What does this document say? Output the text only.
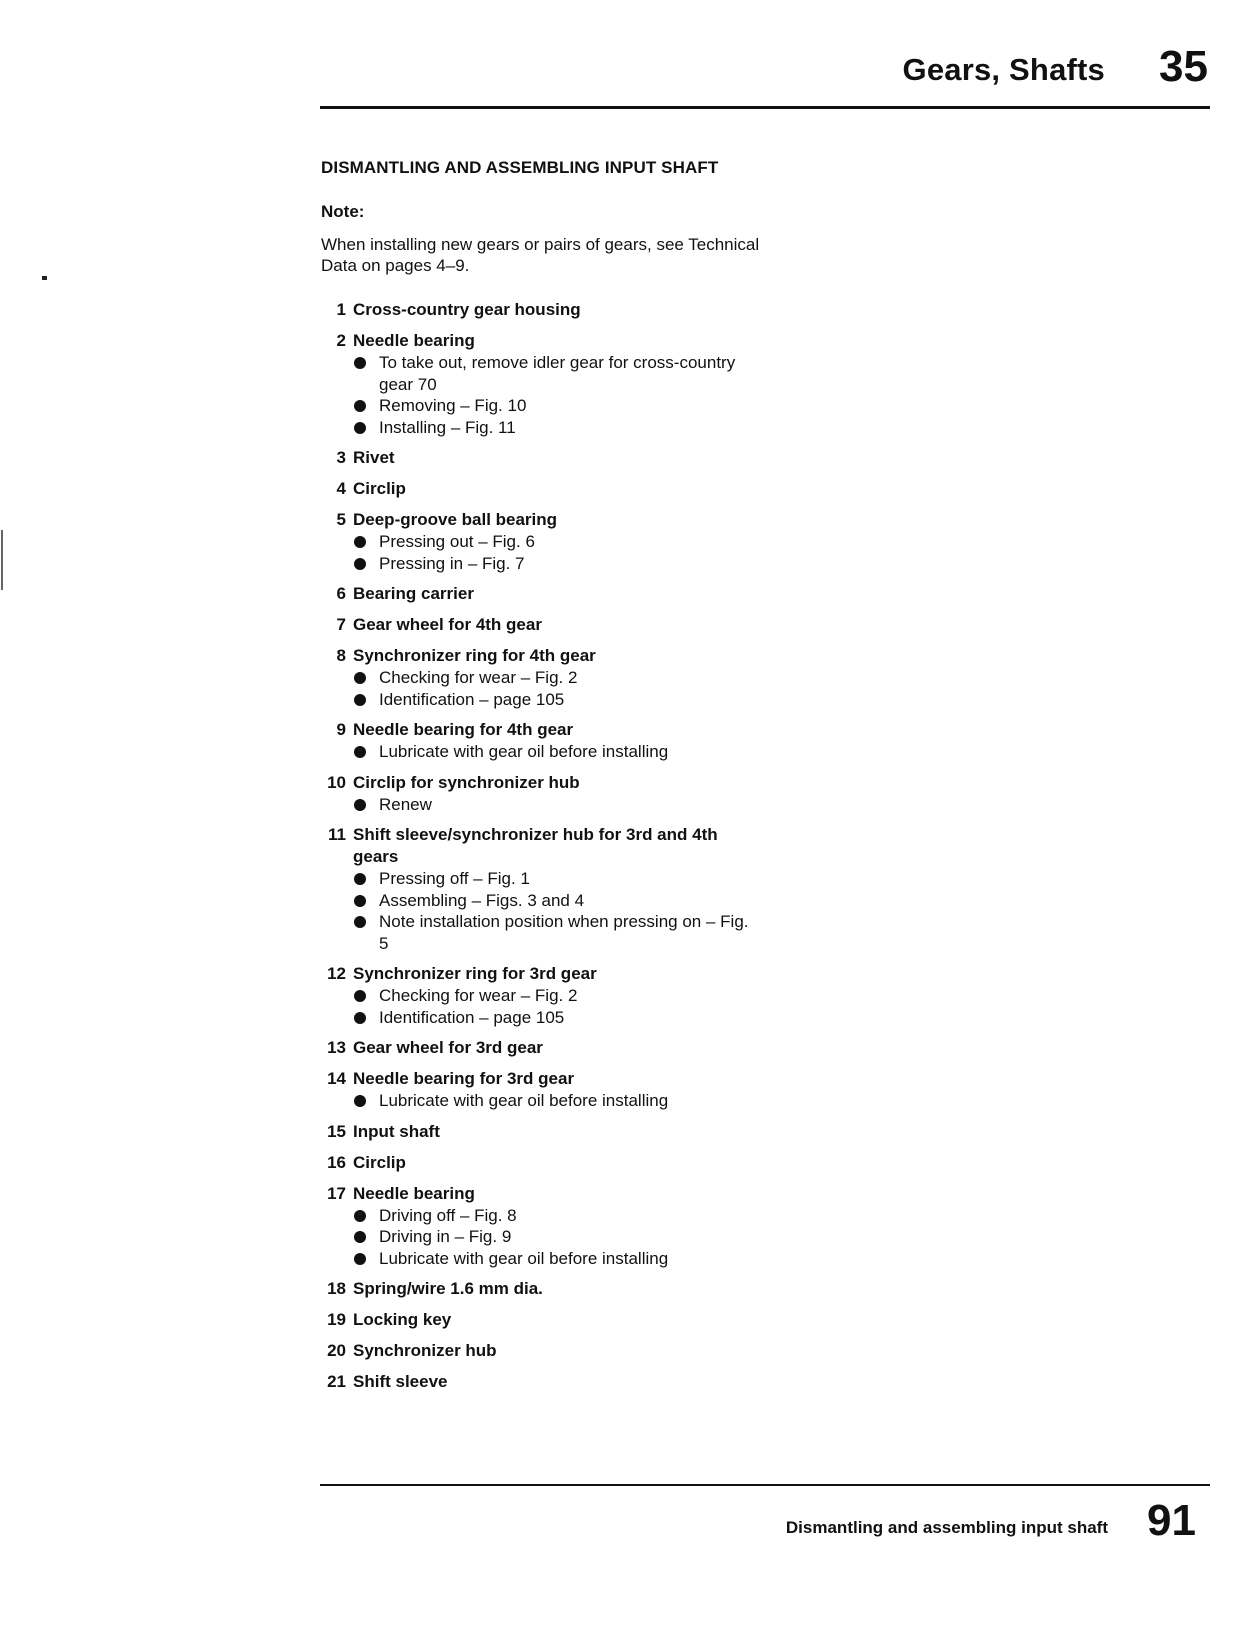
Gears, Shafts 35
DISMANTLING AND ASSEMBLING INPUT SHAFT
Note:
When installing new gears or pairs of gears, see Technical Data on pages 4–9.
1 Cross-country gear housing
2 Needle bearing
To take out, remove idler gear for cross-country gear 70
Removing – Fig. 10
Installing – Fig. 11
3 Rivet
4 Circlip
5 Deep-groove ball bearing
Pressing out – Fig. 6
Pressing in – Fig. 7
6 Bearing carrier
7 Gear wheel for 4th gear
8 Synchronizer ring for 4th gear
Checking for wear – Fig. 2
Identification – page 105
9 Needle bearing for 4th gear
Lubricate with gear oil before installing
10 Circlip for synchronizer hub
Renew
11 Shift sleeve/synchronizer hub for 3rd and 4th gears
Pressing off – Fig. 1
Assembling – Figs. 3 and 4
Note installation position when pressing on – Fig. 5
12 Synchronizer ring for 3rd gear
Checking for wear – Fig. 2
Identification – page 105
13 Gear wheel for 3rd gear
14 Needle bearing for 3rd gear
Lubricate with gear oil before installing
15 Input shaft
16 Circlip
17 Needle bearing
Driving off – Fig. 8
Driving in – Fig. 9
Lubricate with gear oil before installing
18 Spring/wire 1.6 mm dia.
19 Locking key
20 Synchronizer hub
21 Shift sleeve
Dismantling and assembling input shaft 91
